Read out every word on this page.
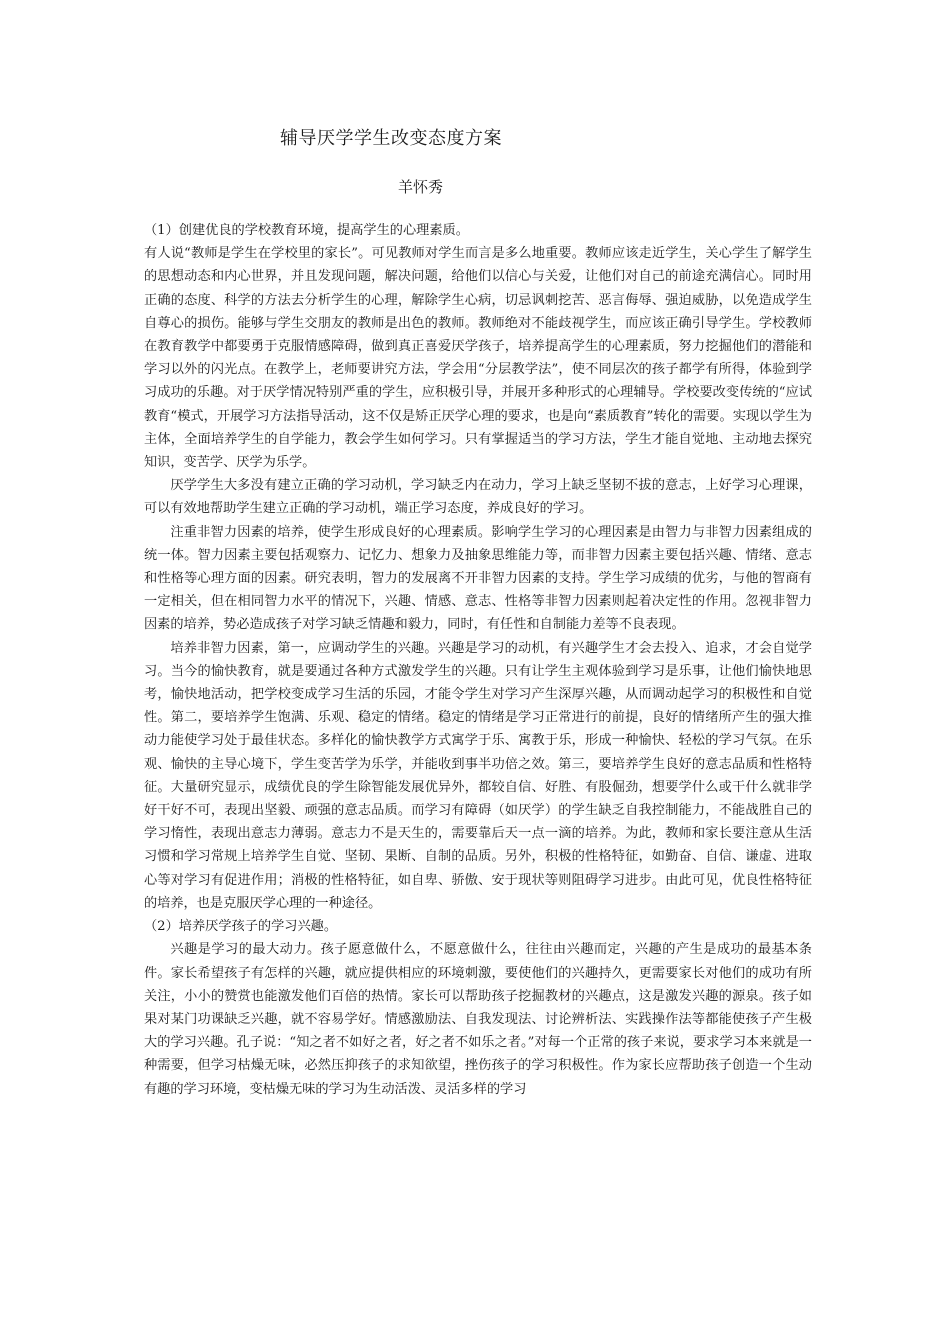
辅导厌学学生改变态度方案
羊怀秀

（1）创建优良的学校教育环境，提高学生的心理素质。

有人说“教师是学生在学校里的家长”。可见教师对学生而言是多么地重要。教师应该走近学生，关心学生了解学生的思想动态和内心世界，并且发现问题，解决问题，给他们以信心与关爱，让他们对自己的前途充满信心。同时用正确的态度、科学的方法去分析学生的心理，解除学生心病，切忌讽刺挖苦、恶言侮辱、强迫威胁，以免造成学生自尊心的损伤。能够与学生交朋友的教师是出色的教师。教师绝对不能歧视学生，而应该正确引导学生。学校教师在教育教学中都要勇于克服情感障碍，做到真正喜爱厌学孩子，培养提高学生的心理素质，努力挖掘他们的潜能和学习以外的闪光点。在教学上，老师要讲究方法，学会用“分层教学法”，使不同层次的孩子都学有所得，体验到学习成功的乐趣。对于厌学情况特别严重的学生，应积极引导，并展开多种形式的心理辅导。学校要改变传统的“应试教育“模式，开展学习方法指导活动，这不仅是矫正厌学心理的要求，也是向“素质教育”转化的需要。实现以学生为主体，全面培养学生的自学能力，教会学生如何学习。只有掌握适当的学习方法，学生才能自觉地、主动地去探究知识，变苦学、厌学为乐学。

厌学学生大多没有建立正确的学习动机，学习缺乏内在动力，学习上缺乏坚韧不拔的意志，上好学习心理课，可以有效地帮助学生建立正确的学习动机，端正学习态度，养成良好的学习。

注重非智力因素的培养，使学生形成良好的心理素质。影响学生学习的心理因素是由智力与非智力因素组成的统一体。智力因素主要包括观察力、记忆力、想象力及抽象思维能力等，而非智力因素主要包括兴趣、情绪、意志和性格等心理方面的因素。研究表明，智力的发展离不开非智力因素的支持。学生学习成绩的优劣，与他的智商有一定相关，但在相同智力水平的情况下，兴趣、情感、意志、性格等非智力因素则起着决定性的作用。忽视非智力因素的培养，势必造成孩子对学习缺乏情趣和毅力，同时，有任性和自制能力差等不良表现。

培养非智力因素，第一，应调动学生的兴趣。兴趣是学习的动机，有兴趣学生才会去投入、追求，才会自觉学习。当今的愉快教育，就是要通过各种方式激发学生的兴趣。只有让学生主观体验到学习是乐事，让他们愉快地思考，愉快地活动，把学校变成学习生活的乐园，才能令学生对学习产生深厚兴趣，从而调动起学习的积极性和自觉性。第二，要培养学生饱满、乐观、稳定的情绪。稳定的情绪是学习正常进行的前提，良好的情绪所产生的强大推动力能使学习处于最佳状态。多样化的愉快教学方式寓学于乐、寓教于乐，形成一种愉快、轻松的学习气氛。在乐观、愉快的主导心境下，学生变苦学为乐学，并能收到事半功倍之效。第三，要培养学生良好的意志品质和性格特征。大量研究显示，成绩优良的学生除智能发展优异外，都较自信、好胜、有股倔劲，想要学什么或干什么就非学好干好不可，表现出坚毅、顽强的意志品质。而学习有障碍（如厌学）的学生缺乏自我控制能力，不能战胜自己的学习惰性，表现出意志力薄弱。意志力不是天生的，需要靠后天一点一滴的培养。为此，教师和家长要注意从生活习惯和学习常规上培养学生自觉、坚韧、果断、自制的品质。另外，积极的性格特征，如勤奋、自信、谦虚、进取心等对学习有促进作用；消极的性格特征，如自卑、骄傲、安于现状等则阻碍学习进步。由此可见，优良性格特征的培养，也是克服厌学心理的一种途径。

（2）培养厌学孩子的学习兴趣。

兴趣是学习的最大动力。孩子愿意做什么，不愿意做什么，往往由兴趣而定，兴趣的产生是成功的最基本条件。家长希望孩子有怎样的兴趣，就应提供相应的环境刺激，要使他们的兴趣持久，更需要家长对他们的成功有所关注，小小的赞赏也能激发他们百倍的热情。家长可以帮助孩子挖掘教材的兴趣点，这是激发兴趣的源泉。孩子如果对某门功课缺乏兴趣，就不容易学好。情感激励法、自我发现法、讨论辨析法、实践操作法等都能使孩子产生极大的学习兴趣。孔子说：“知之者不如好之者，好之者不如乐之者。”对每一个正常的孩子来说，要求学习本来就是一种需要，但学习枯燥无味，必然压抑孩子的求知欲望，挫伤孩子的学习积极性。作为家长应帮助孩子创造一个生动有趣的学习环境，变枯燥无味的学习为生动活泼、灵活多样的学习
